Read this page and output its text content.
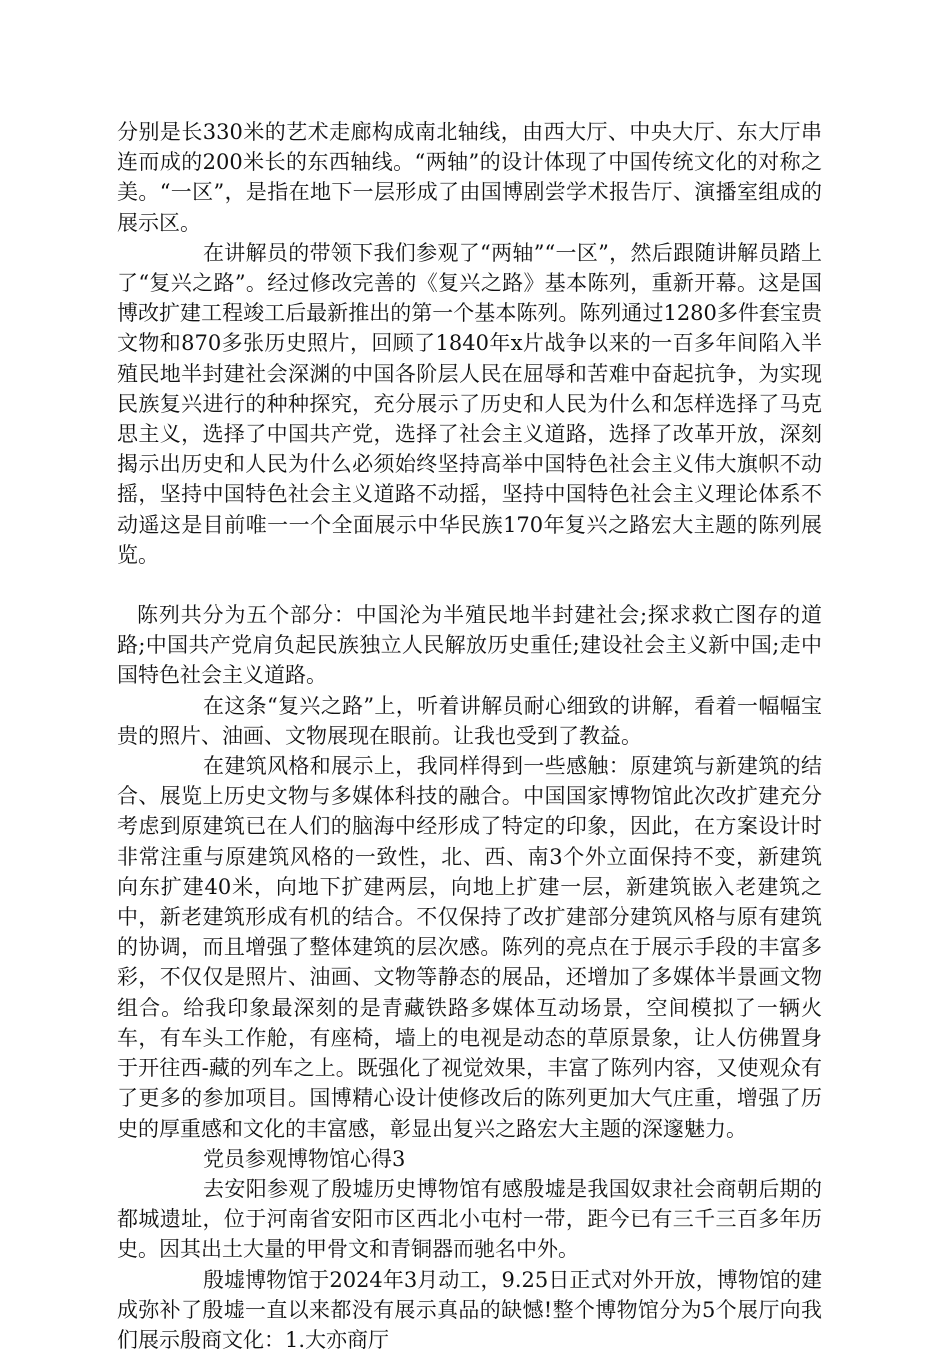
分别是长330米的艺术走廊构成南北轴线，由西大厅、中央大厅、东大厅串连而成的200米长的东西轴线。“两轴”的设计体现了中国传统文化的对称之美。“一区”，是指在地下一层形成了由国博剧尝学术报告厅、演播室组成的展示区。

在讲解员的带领下我们参观了“两轴”“一区”，然后跟随讲解员踏上了“复兴之路”。经过修改完善的《复兴之路》基本陈列，重新开幕。这是国博改扩建工程竣工后最新推出的第一个基本陈列。陈列通过1280多件套宝贵文物和870多张历史照片，回顾了1840年x片战争以来的一百多年间陷入半殖民地半封建社会深渊的中国各阶层人民在屈辱和苦难中奋起抗争，为实现民族复兴进行的种种探究，充分展示了历史和人民为什么和怎样选择了马克思主义，选择了中国共产党，选择了社会主义道路，选择了改革开放，深刻揭示出历史和人民为什么必须始终坚持高举中国特色社会主义伟大旗帜不动摇，坚持中国特色社会主义道路不动摇，坚持中国特色社会主义理论体系不动遥这是目前唯一一个全面展示中华民族170年复兴之路宏大主题的陈列展览。

陈列共分为五个部分：中国沦为半殖民地半封建社会;探求救亡图存的道路;中国共产党肩负起民族独立人民解放历史重任;建设社会主义新中国;走中国特色社会主义道路。

在这条“复兴之路”上，听着讲解员耐心细致的讲解，看着一幅幅宝贵的照片、油画、文物展现在眼前。让我也受到了教益。

在建筑风格和展示上，我同样得到一些感触：原建筑与新建筑的结合、展览上历史文物与多媒体科技的融合。中国国家博物馆此次改扩建充分考虑到原建筑已在人们的脑海中经形成了特定的印象，因此，在方案设计时非常注重与原建筑风格的一致性，北、西、南3个外立面保持不变，新建筑向东扩建40米，向地下扩建两层，向地上扩建一层，新建筑嵌入老建筑之中，新老建筑形成有机的结合。不仅保持了改扩建部分建筑风格与原有建筑的协调，而且增强了整体建筑的层次感。陈列的亮点在于展示手段的丰富多彩，不仅仅是照片、油画、文物等静态的展品，还增加了多媒体半景画文物组合。给我印象最深刻的是青藏铁路多媒体互动场景，空间模拟了一辆火车，有车头工作舱，有座椅，墙上的电视是动态的草原景象，让人仿佛置身于开往西-藏的列车之上。既强化了视觉效果，丰富了陈列内容，又使观众有了更多的参加项目。国博精心设计使修改后的陈列更加大气庄重，增强了历史的厚重感和文化的丰富感，彰显出复兴之路宏大主题的深邃魅力。

党员参观博物馆心得3

去安阳参观了殷墟历史博物馆有感殷墟是我国奴隶社会商朝后期的都城遗址，位于河南省安阳市区西北小屯村一带，距今已有三千三百多年历史。因其出土大量的甲骨文和青铜器而驰名中外。

殷墟博物馆于2024年3月动工，9.25日正式对外开放，博物馆的建成弥补了殷墟一直以来都没有展示真品的缺憾!整个博物馆分为5个展厅向我们展示殷商文化：1.大亦商厅
